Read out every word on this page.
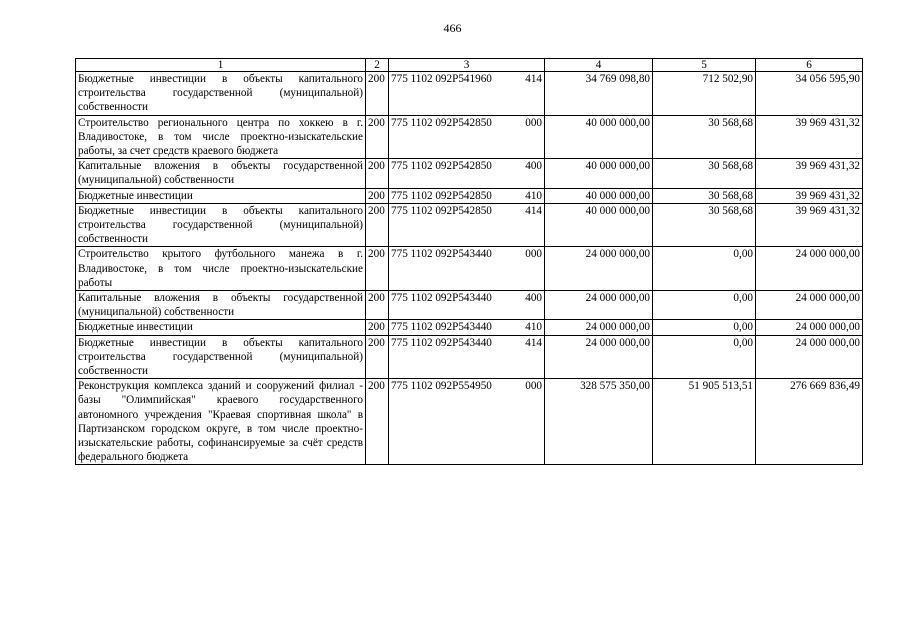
466
1	2	3	4	5	6
Бюджетные инвестиции в объекты капитального строительства государственной (муниципальной) собственности	200	775 1102 092P541960 414	34 769 098,80	712 502,90	34 056 595,90
Строительство регионального центра по хоккею в г. Владивостоке, в том числе проектно-изыскательские работы, за счет средств краевого бюджета	200	775 1102 092P542850 000	40 000 000,00	30 568,68	39 969 431,32
Капитальные вложения в объекты государственной (муниципальной) собственности	200	775 1102 092P542850 400	40 000 000,00	30 568,68	39 969 431,32
Бюджетные инвестиции	200	775 1102 092P542850 410	40 000 000,00	30 568,68	39 969 431,32
Бюджетные инвестиции в объекты капитального строительства государственной (муниципальной) собственности	200	775 1102 092P542850 414	40 000 000,00	30 568,68	39 969 431,32
Строительство крытого футбольного манежа в г. Владивостоке, в том числе проектно-изыскательские работы	200	775 1102 092P543440 000	24 000 000,00	0,00	24 000 000,00
Капитальные вложения в объекты государственной (муниципальной) собственности	200	775 1102 092P543440 400	24 000 000,00	0,00	24 000 000,00
Бюджетные инвестиции	200	775 1102 092P543440 410	24 000 000,00	0,00	24 000 000,00
Бюджетные инвестиции в объекты капитального строительства государственной (муниципальной) собственности	200	775 1102 092P543440 414	24 000 000,00	0,00	24 000 000,00
Реконструкция комплекса зданий и сооружений филиал - базы "Олимпийская" краевого государственного автономного учреждения "Краевая спортивная школа" в Партизанском городском округе, в том числе проектно-изыскательские работы, софинансируемые за счёт средств федерального бюджета	200	775 1102 092P554950 000	328 575 350,00	51 905 513,51	276 669 836,49
